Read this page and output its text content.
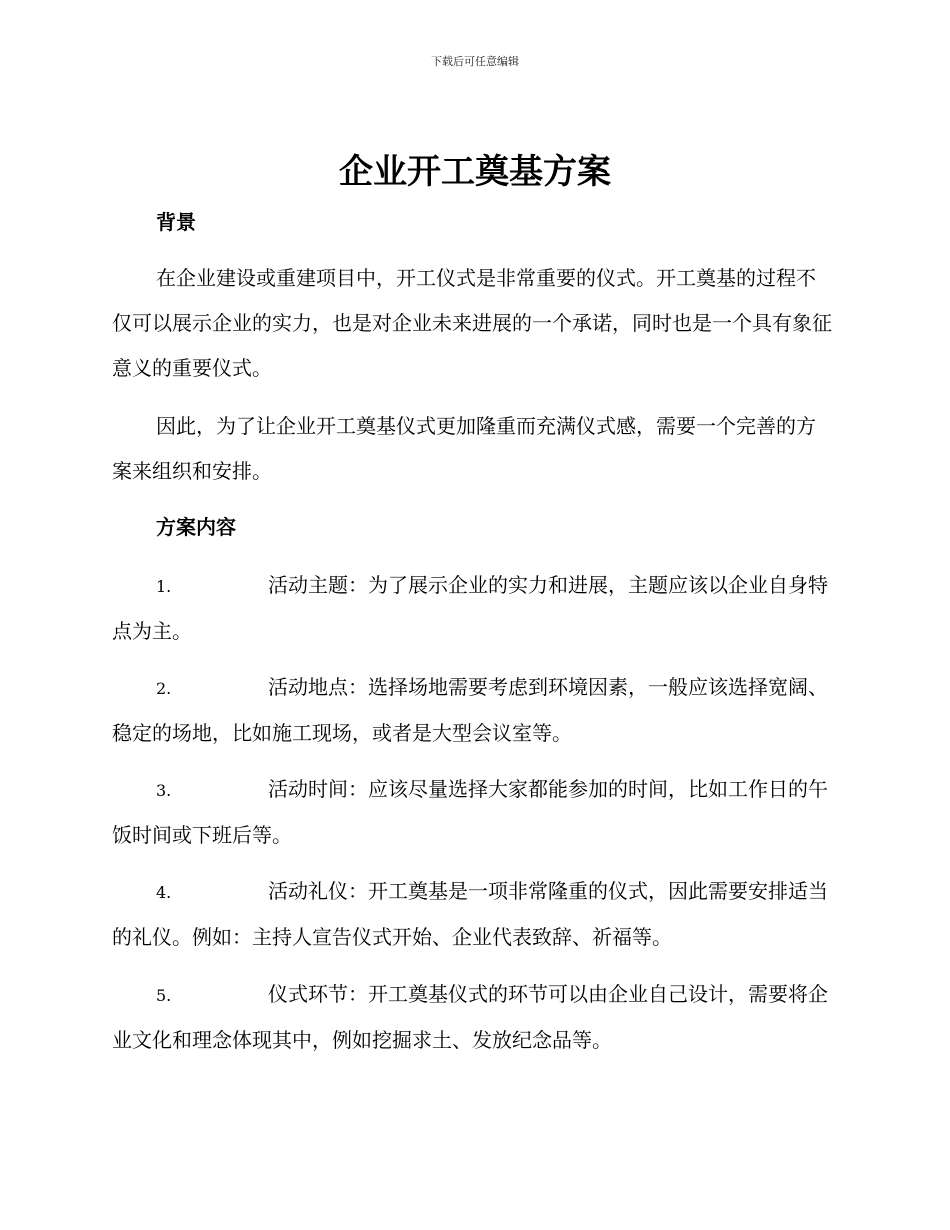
下载后可任意编辑
企业开工奠基方案
背景

在企业建设或重建项目中，开工仪式是非常重要的仪式。开工奠基的过程不仅可以展示企业的实力，也是对企业未来进展的一个承诺，同时也是一个具有象征意义的重要仪式。

因此，为了让企业开工奠基仪式更加隆重而充满仪式感，需要一个完善的方案来组织和安排。

方案内容

1.	活动主题：为了展示企业的实力和进展，主题应该以企业自身特点为主。

2.	活动地点：选择场地需要考虑到环境因素，一般应该选择宽阔、稳定的场地，比如施工现场，或者是大型会议室等。

3.	活动时间：应该尽量选择大家都能参加的时间，比如工作日的午饭时间或下班后等。

4.	活动礼仪：开工奠基是一项非常隆重的仪式，因此需要安排适当的礼仪。例如：主持人宣告仪式开始、企业代表致辞、祈福等。

5.	仪式环节：开工奠基仪式的环节可以由企业自己设计，需要将企业文化和理念体现其中，例如挖掘求土、发放纪念品等。
